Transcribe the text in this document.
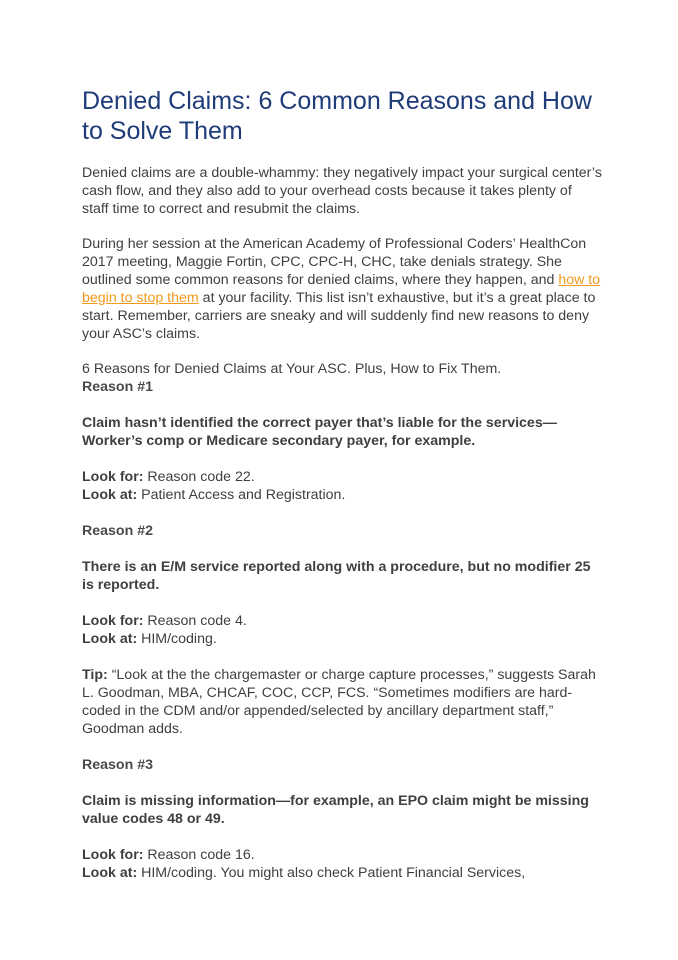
Denied Claims: 6 Common Reasons and How to Solve Them

Denied claims are a double-whammy: they negatively impact your surgical center’s cash flow, and they also add to your overhead costs because it takes plenty of staff time to correct and resubmit the claims.

During her session at the American Academy of Professional Coders’ HealthCon 2017 meeting, Maggie Fortin, CPC, CPC-H, CHC, take denials strategy. She outlined some common reasons for denied claims, where they happen, and how to begin to stop them at your facility. This list isn’t exhaustive, but it’s a great place to start. Remember, carriers are sneaky and will suddenly find new reasons to deny your ASC’s claims.

6 Reasons for Denied Claims at Your ASC. Plus, How to Fix Them.

Reason #1

Claim hasn’t identified the correct payer that’s liable for the services—Worker’s comp or Medicare secondary payer, for example.

Look for: Reason code 22.

Look at: Patient Access and Registration.

Reason #2

There is an E/M service reported along with a procedure, but no modifier 25 is reported.

Look for: Reason code 4.

Look at: HIM/coding.

Tip: “Look at the the chargemaster or charge capture processes,” suggests Sarah L. Goodman, MBA, CHCAF, COC, CCP, FCS. “Sometimes modifiers are hard-coded in the CDM and/or appended/selected by ancillary department staff,” Goodman adds.

Reason #3

Claim is missing information—for example, an EPO claim might be missing value codes 48 or 49.

Look for: Reason code 16.

Look at: HIM/coding. You might also check Patient Financial Services,
